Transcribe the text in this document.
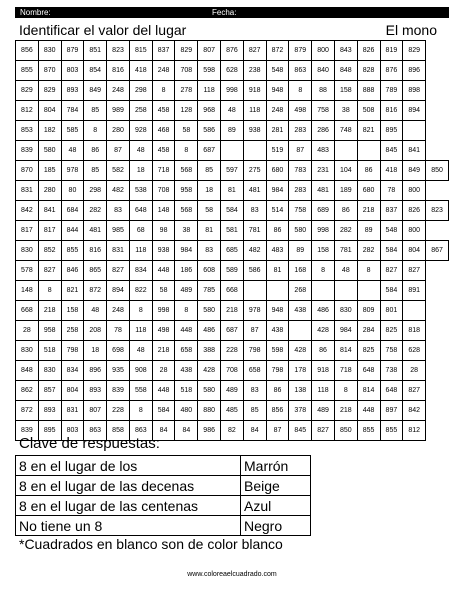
Nombre:	Fecha:
Identificar el valor del lugar	El mono
856	830	879	851	823	815	837	829	807	876	827	872	879	800	843	826	819	829	
855	870	803	854	816	418	248	708	598	628	238	548	863	840	848	828	876	896	
829	829	893	849	248	298	8	278	118	998	918	948	8	88	158	888	789	898	
812	804	784	85	989	258	458	128	968	48	118	248	498	758	38	508	816	894	
853	182	585	8	280	928	468	58	586	89	938	281	283	286	748	821	895		
839	580	48	86	87	48	458	8	687			519	87	483			845	841	
870	185	978	85	582	18	718	568	85	597	275	680	783	231	104	86	418	849	850
831	280	80	298	482	538	708	958	18	81	481	984	283	481	189	680	78	800	
842	841	684	282	83	648	148	568	58	584	83	514	758	689	86	218	837	826	823
817	817	844	481	985	68	98	38	81	581	781	86	580	998	282	89	548	800	
830	852	855	816	831	118	938	984	83	685	482	483	89	158	781	282	584	804	867
578	827	846	865	827	834	448	186	608	589	586	81	168	8	48	8	827	827	
148	8	821	872	894	822	58	489	785	668			268				584	891	
668	218	158	48	248	8	998	8	580	218	978	948	438	486	830	809	801		
28	958	258	208	78	118	498	448	486	687	87	438		428	984	284	825	818	
830	518	798	18	698	48	218	658	388	228	798	598	428	86	814	825	758	628	
848	830	834	896	935	908	28	438	428	708	658	798	178	918	718	648	738	28	
862	857	804	893	839	558	448	518	580	489	83	86	138	118	8	814	648	827	
872	893	831	807	228	8	584	480	880	485	85	856	378	489	218	448	897	842	
839	895	803	863	858	863	84	84	986	82	84	87	845	827	850	855	855	812	
Clave de respuestas:
8 en el lugar de los	Marrón
8 en el lugar de las decenas	Beige
8 en el lugar de las centenas	Azul
No tiene un 8	Negro
*Cuadrados en blanco son de color blanco
www.coloreaelcuadrado.com
